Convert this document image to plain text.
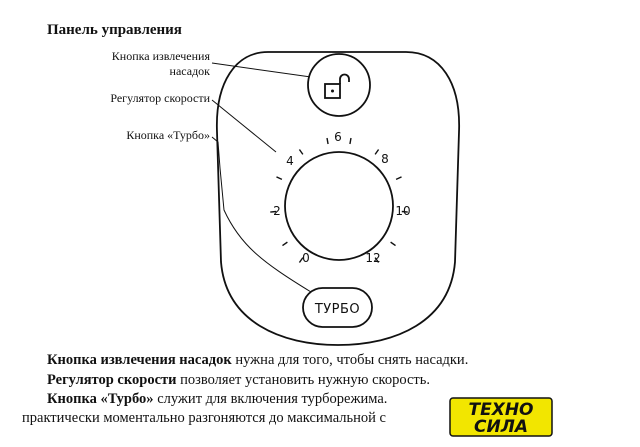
Панель управления
Кнопка извлечения
насадок
Регулятор скорости
Кнопка «Турбо»
0
2
4
6
8
10
12
ТУРБО
Кнопка извлечения насадок нужна для того, чтобы снять насадки.
Регулятор скорости позволяет установить нужную скорость.
Кнопка «Турбо» служит для включения турборежима.
практически моментально разгоняются до максимальной с	ТЕХНО
СИЛА
